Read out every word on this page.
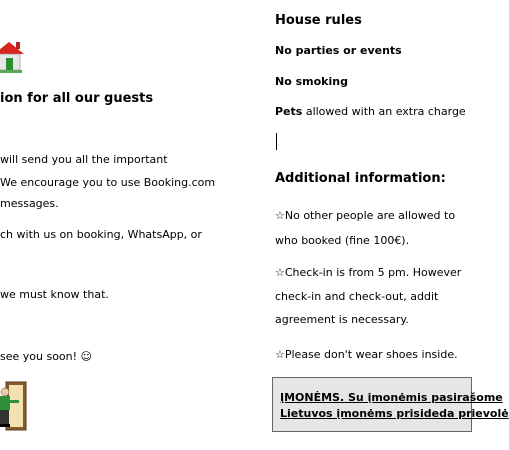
ion for all our guests
will send you all the important
We encourage you to use Booking.com
messages.
ch with us on booking, WhatsApp, or
we must know that.
see you soon! ☺
House rules
No parties or events
No smoking
Pets allowed with an extra charge
Additional information:
☆No other people are allowed to
who booked (fine 100€).
☆Check-in is from 5 pm. However
check-in and check-out, addit
agreement is necessary.
☆Please don't wear shoes inside.
ĮMONĖMS. Su įmonėmis pasirašome
Lietuvos įmonėms prisideda prievolė
